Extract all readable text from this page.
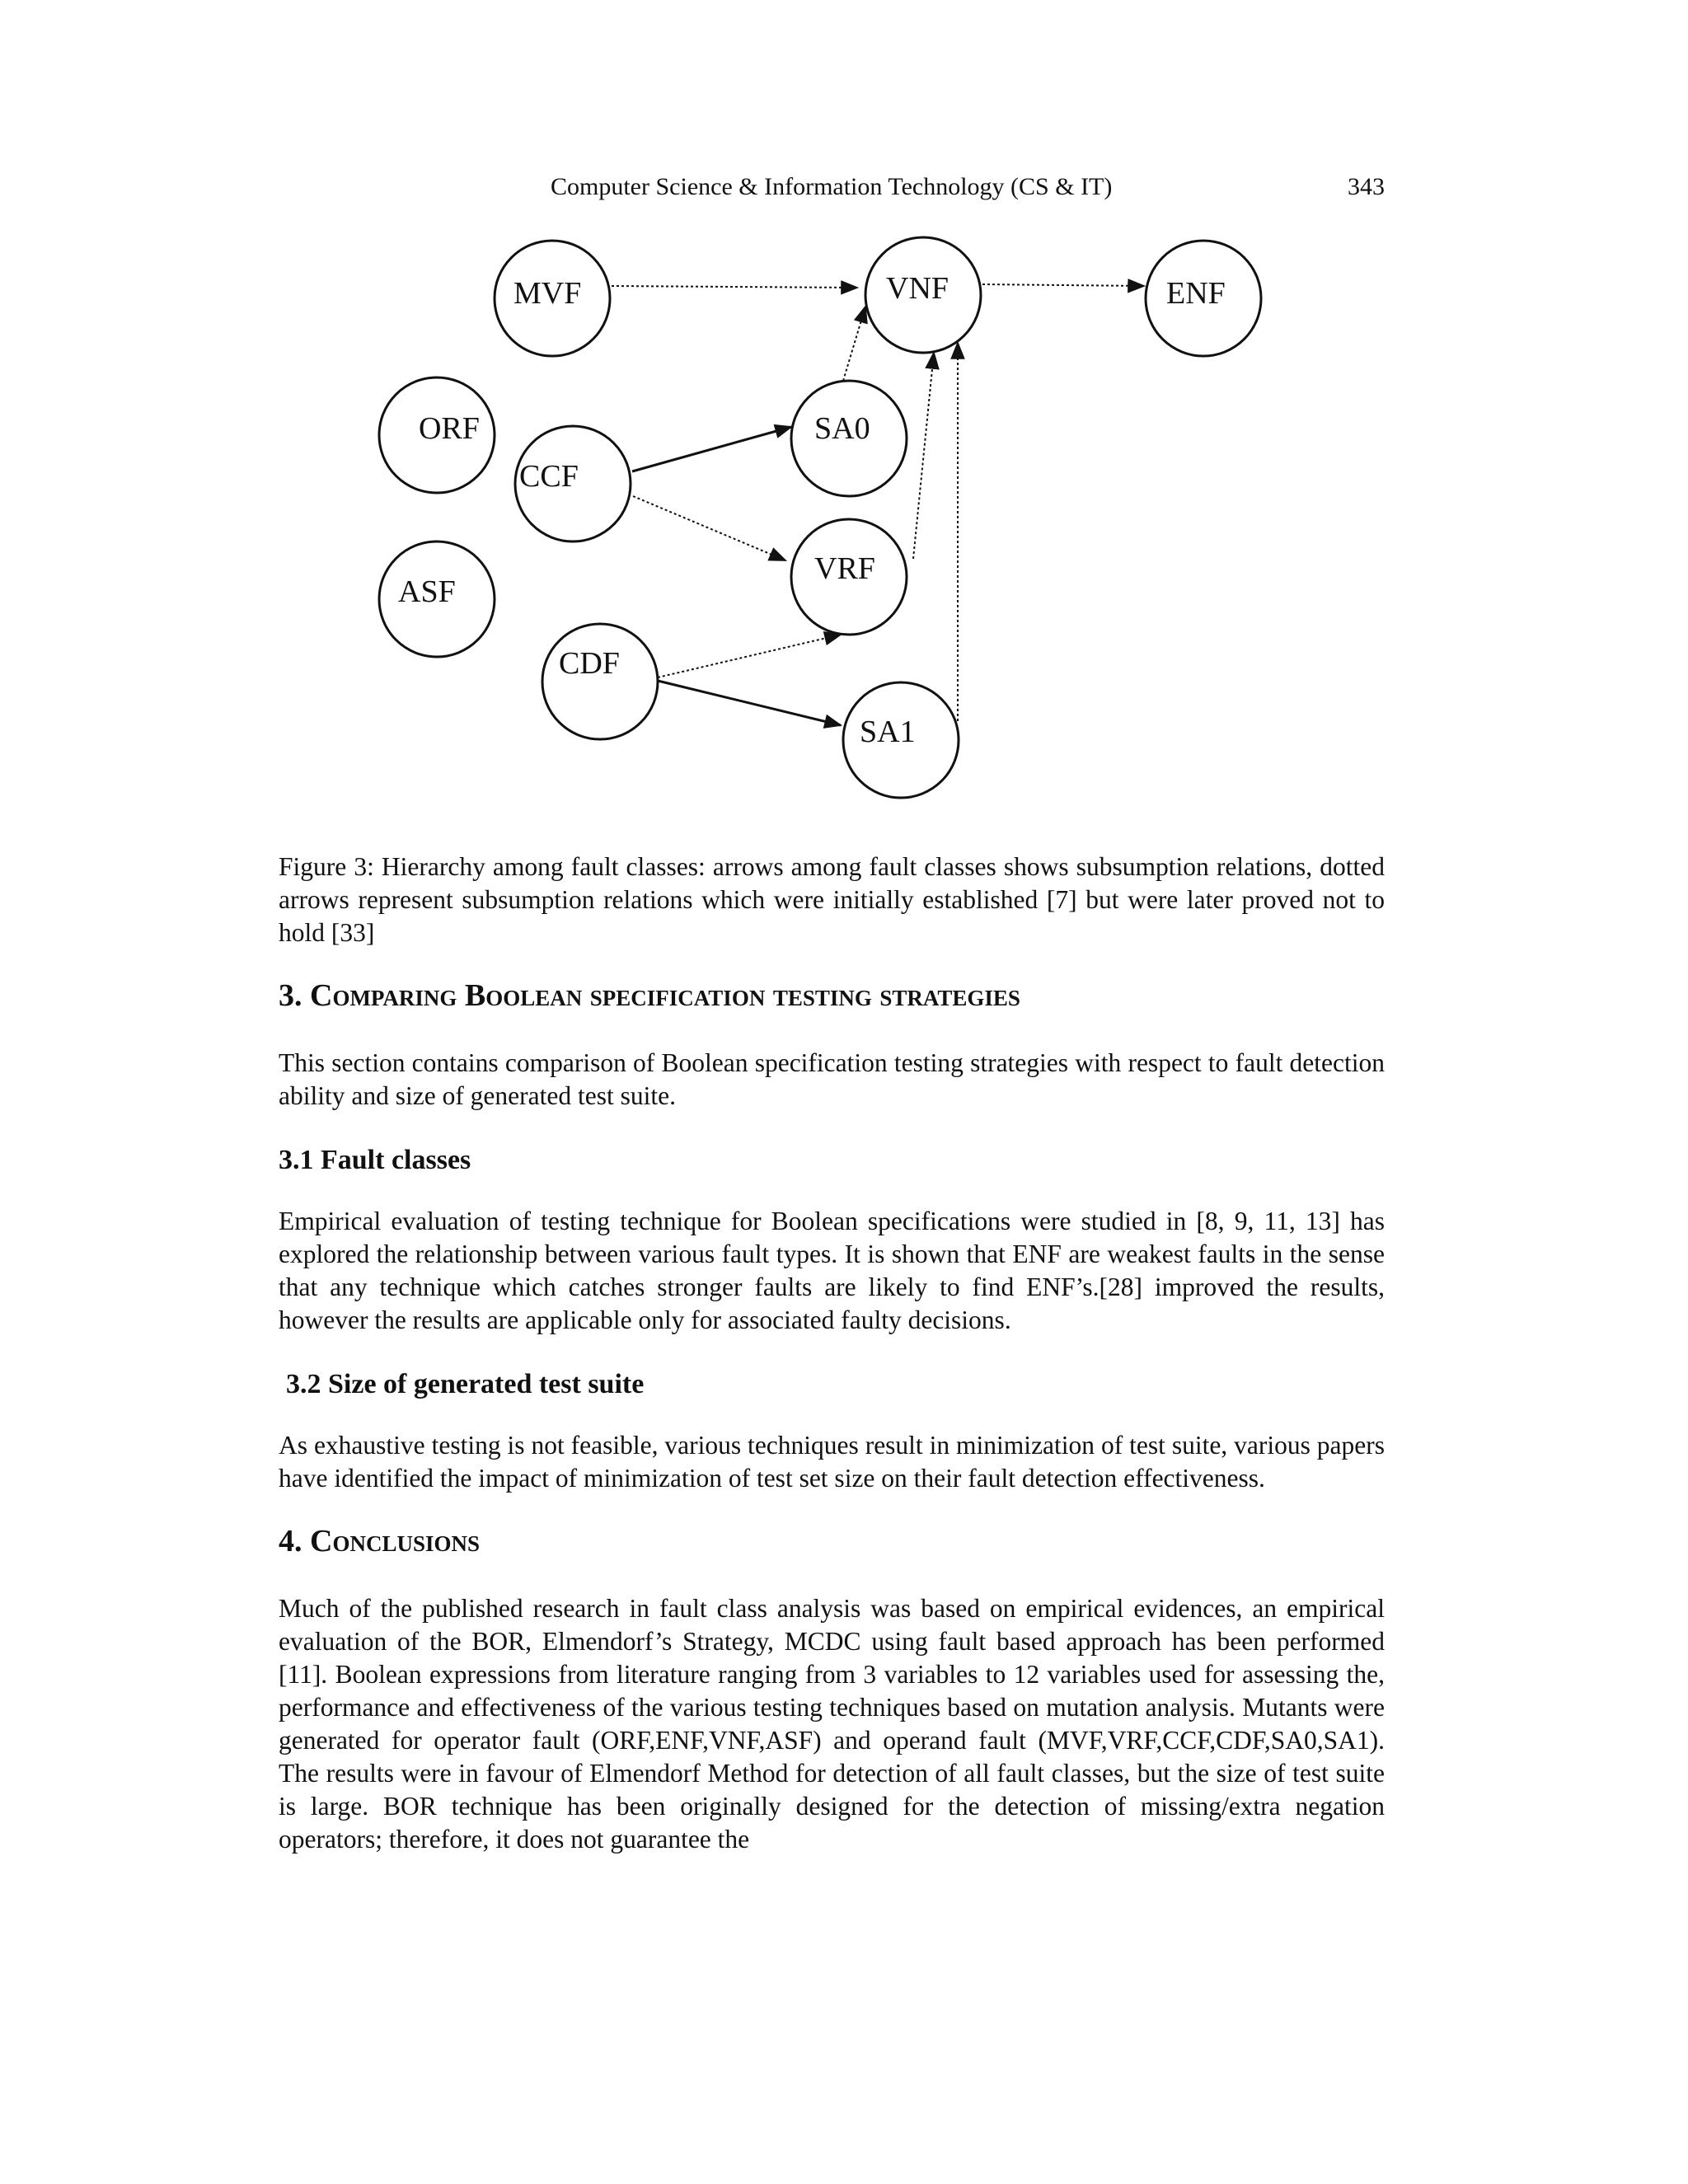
Computer Science & Information Technology (CS & IT)	343
MVF	VNF	ENF
ORF
CCF
SA0
ASF
VRF
CDF
SA1

Figure 3: Hierarchy among fault classes: arrows among fault classes shows subsumption relations, dotted arrows represent subsumption relations which were initially established [7] but were later proved not to hold [33]

3. Comparing Boolean specification testing strategies

This section contains comparison of Boolean specification testing strategies with respect to fault detection ability and size of generated test suite.

3.1 Fault classes

Empirical evaluation of testing technique for Boolean specifications were studied in [8, 9, 11, 13] has explored the relationship between various fault types. It is shown that ENF are weakest faults in the sense that any technique which catches stronger faults are likely to find ENF’s.[28] improved the results, however the results are applicable only for associated faulty decisions.

3.2 Size of generated test suite

As exhaustive testing is not feasible, various techniques result in minimization of test suite, various papers have identified the impact of minimization of test set size on their fault detection effectiveness.

4. Conclusions

Much of the published research in fault class analysis was based on empirical evidences, an empirical evaluation of the BOR, Elmendorf’s Strategy, MCDC using fault based approach has been performed [11]. Boolean expressions from literature ranging from 3 variables to 12 variables used for assessing the, performance and effectiveness of the various testing techniques based on mutation analysis. Mutants were generated for operator fault (ORF,ENF,VNF,ASF) and operand fault (MVF,VRF,CCF,CDF,SA0,SA1). The results were in favour of Elmendorf Method for detection of all fault classes, but the size of test suite is large. BOR technique has been originally designed for the detection of missing/extra negation operators; therefore, it does not guarantee the
